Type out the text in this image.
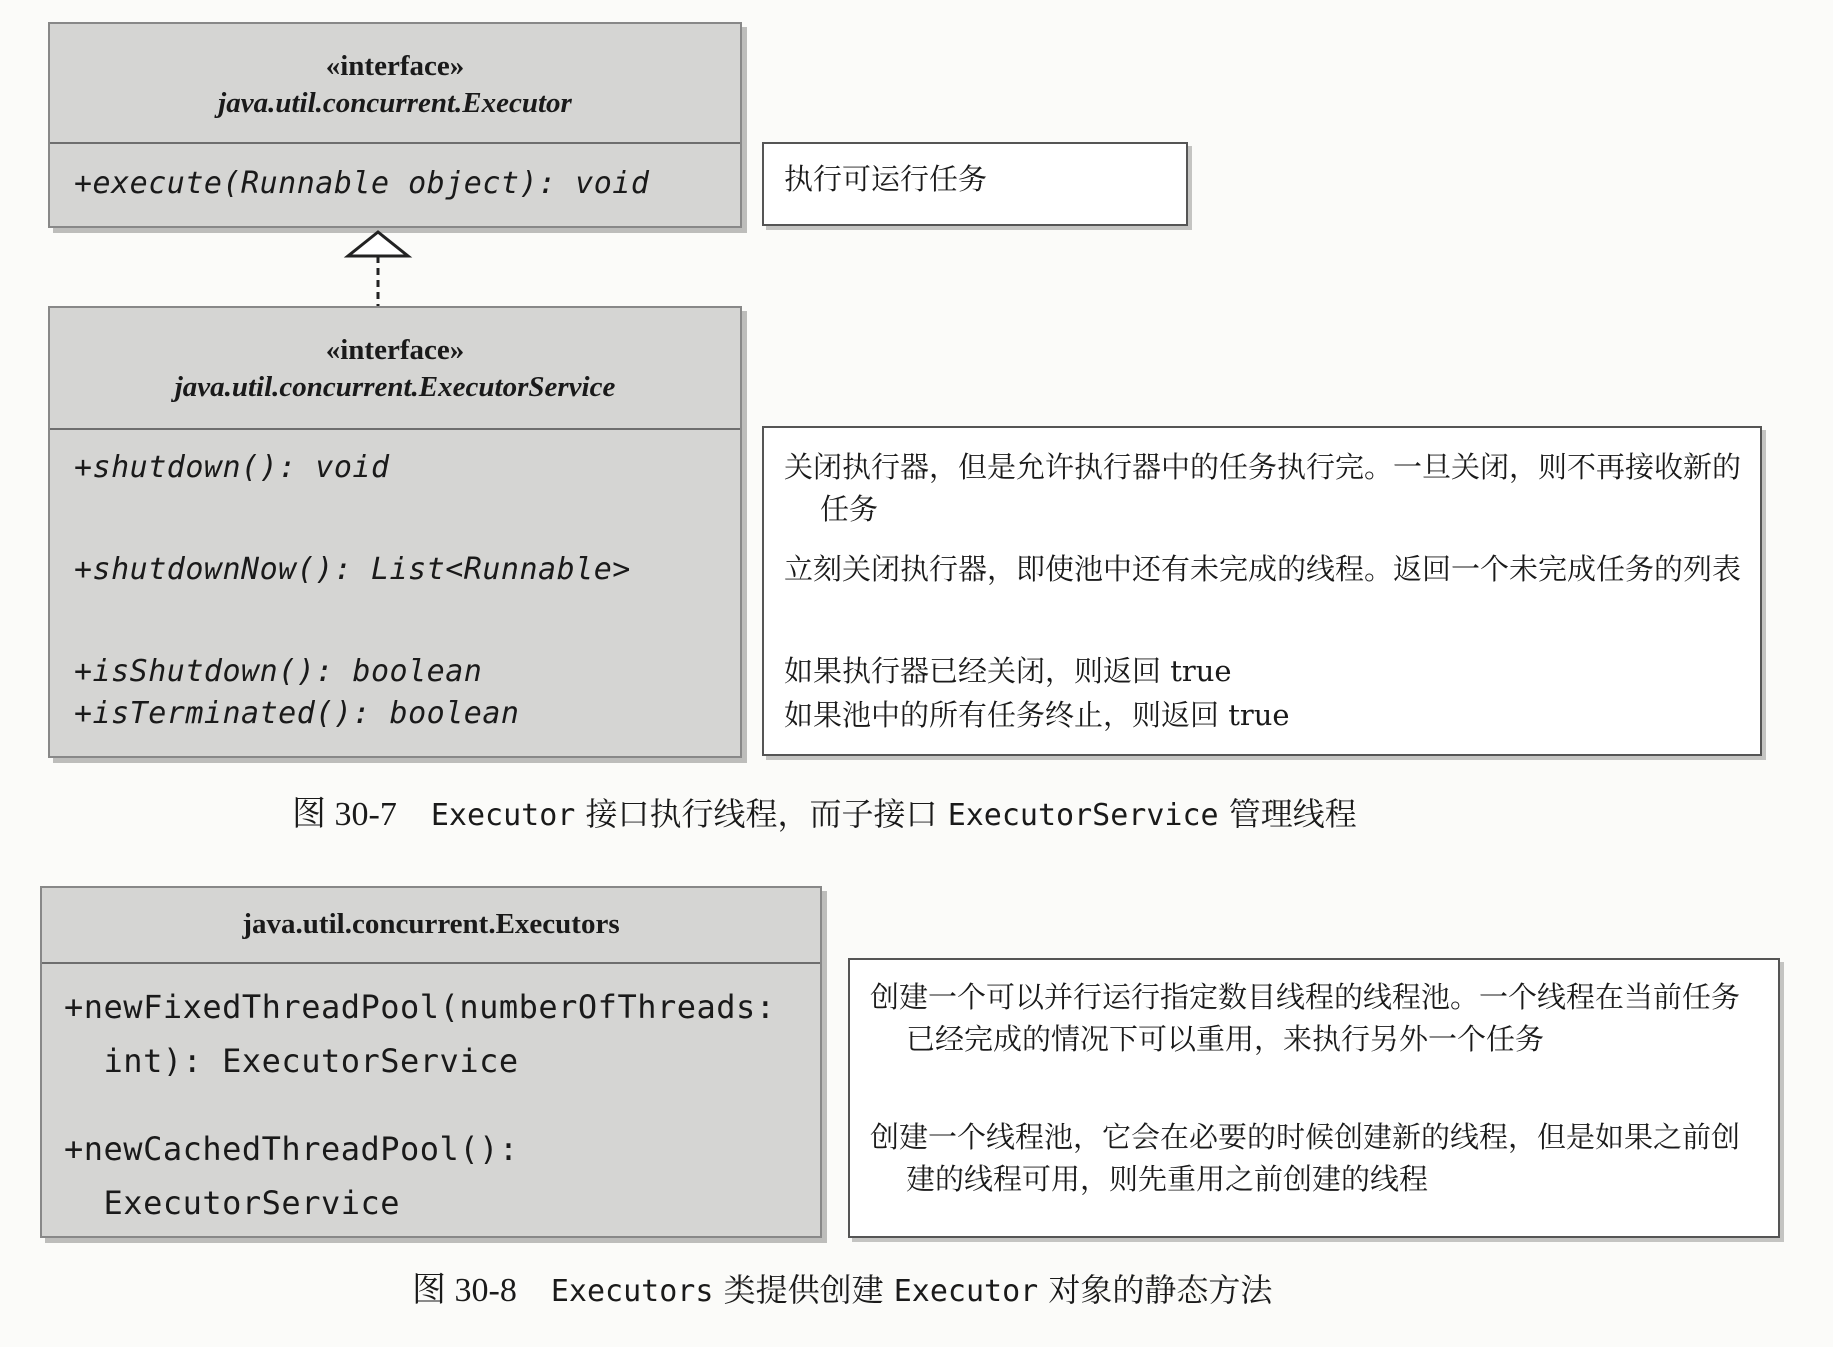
«interface»
java.util.concurrent.Executor
+execute(Runnable object): void	执行可运行任务
«interface»
java.util.concurrent.ExecutorService
+shutdown(): void
+shutdownNow(): List<Runnable>
+isShutdown(): boolean
+isTerminated(): boolean
关闭执行器，但是允许执行器中的任务执行完。一旦关闭，则不再接收新的任务
立刻关闭执行器，即使池中还有未完成的线程。返回一个未完成任务的列表
如果执行器已经关闭，则返回 true
如果池中的所有任务终止，则返回 true
图 30-7 Executor 接口执行线程，而子接口 ExecutorService 管理线程
java.util.concurrent.Executors
+newFixedThreadPool(numberOfThreads:
int): ExecutorService
+newCachedThreadPool():
ExecutorService
创建一个可以并行运行指定数目线程的线程池。一个线程在当前任务已经完成的情况下可以重用，来执行另外一个任务
创建一个线程池，它会在必要的时候创建新的线程，但是如果之前创建的线程可用，则先重用之前创建的线程
图 30-8 Executors 类提供创建 Executor 对象的静态方法
